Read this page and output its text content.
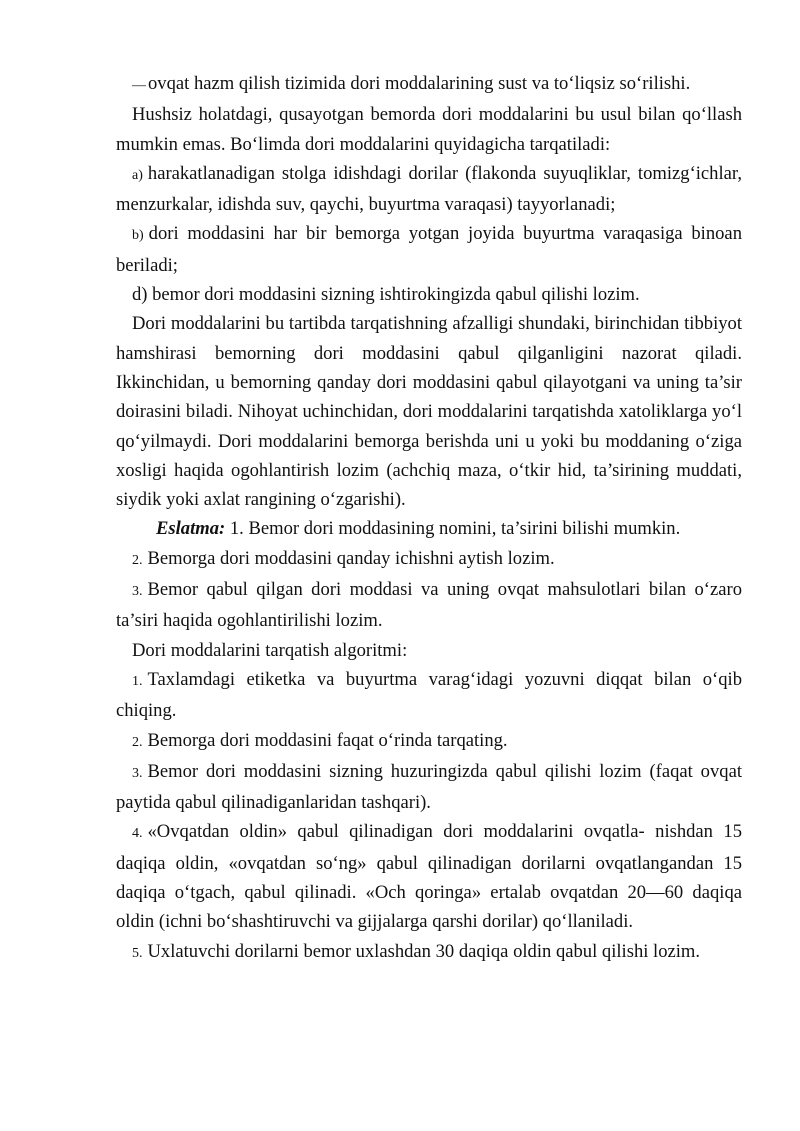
— ovqat hazm qilish tizimida dori moddalarining sust va to‘liqsiz so‘rilishi.

Hushsiz holatdagi, qusayotgan bemorda dori moddalarini bu usul bilan qo‘llash mumkin emas. Bo‘limda dori moddalarini quyidagicha tarqatiladi:

a) harakatlanadigan stolga idishdagi dorilar (flakonda suyuqliklar, tomizg‘ichlar, menzurkalar, idishda suv, qaychi, buyurtma varaqasi) tayyorlanadi;

b) dori moddasini har bir bemorga yotgan joyida buyurtma varaqasiga binoan beriladi;

d) bemor dori moddasini sizning ishtirokingizda qabul qilishi lozim.

Dori moddalarini bu tartibda tarqatishning afzalligi shundaki, birinchidan tibbiyot hamshirasi bemorning dori moddasini qabul qilganligini nazorat qiladi. Ikkinchidan, u bemorning qanday dori moddasini qabul qilayotgani va uning ta’sir doirasini biladi. Nihoyat uchinchidan, dori moddalarini tarqatishda xatoliklarga yo‘l qo‘yilmaydi. Dori moddalarini bemorga berishda uni u yoki bu moddaning o‘ziga xosligi haqida ogohlantirish lozim (achchiq maza, o‘tkir hid, ta’sirining muddati, siydik yoki axlat rangining o‘zgarishi).

Eslatma: 1. Bemor dori moddasining nomini, ta’sirini bilishi mumkin.

2. Bemorga dori moddasini qanday ichishni aytish lozim.

3. Bemor qabul qilgan dori moddasi va uning ovqat mahsulotlari bilan o‘zaro ta’siri haqida ogohlantirilishi lozim.

Dori moddalarini tarqatish algoritmi:

1. Taxlamdagi etiketka va buyurtma varag‘idagi yozuvni diqqat bilan o‘qib chiqing.

2. Bemorga dori moddasini faqat o‘rinda tarqating.

3. Bemor dori moddasini sizning huzuringizda qabul qilishi lozim (faqat ovqat paytida qabul qilinadiganlaridan tashqari).

4. «Ovqatdan oldin» qabul qilinadigan dori moddalarini ovqatla- nishdan 15 daqiqa oldin, «ovqatdan so‘ng» qabul qilinadigan dorilarni ovqatlangandan 15 daqiqa o‘tgach, qabul qilinadi. «Och qoringa» ertalab ovqatdan 20—60 daqiqa oldin (ichni bo‘shashtiruvchi va gijjalarga qarshi dorilar) qo‘llaniladi.

5. Uxlatuvchi dorilarni bemor uxlashdan 30 daqiqa oldin qabul qilishi lozim.
